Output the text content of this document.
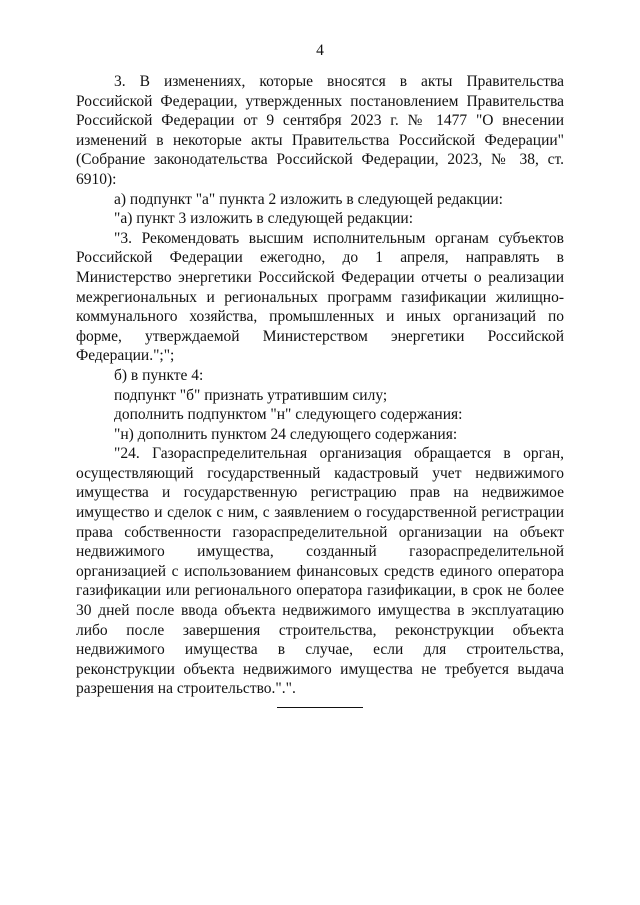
4

3. В изменениях, которые вносятся в акты Правительства Российской Федерации, утвержденных постановлением Правительства Российской Федерации от 9 сентября 2023 г. № 1477 "О внесении изменений в некоторые акты Правительства Российской Федерации" (Собрание законодательства Российской Федерации, 2023, № 38, ст. 6910):

а) подпункт "а" пункта 2 изложить в следующей редакции:

"а) пункт 3 изложить в следующей редакции:

"3. Рекомендовать высшим исполнительным органам субъектов Российской Федерации ежегодно, до 1 апреля, направлять в Министерство энергетики Российской Федерации отчеты о реализации межрегиональных и региональных программ газификации жилищно-коммунального хозяйства, промышленных и иных организаций по форме, утверждаемой Министерством энергетики Российской Федерации.";";

б) в пункте 4:

подпункт "б" признать утратившим силу;

дополнить подпунктом "н" следующего содержания:

"н) дополнить пунктом 24 следующего содержания:

"24. Газораспределительная организация обращается в орган, осуществляющий государственный кадастровый учет недвижимого имущества и государственную регистрацию прав на недвижимое имущество и сделок с ним, с заявлением о государственной регистрации права собственности газораспределительной организации на объект недвижимого имущества, созданный газораспределительной организацией с использованием финансовых средств единого оператора газификации или регионального оператора газификации, в срок не более 30 дней после ввода объекта недвижимого имущества в эксплуатацию либо после завершения строительства, реконструкции объекта недвижимого имущества в случае, если для строительства, реконструкции объекта недвижимого имущества не требуется выдача разрешения на строительство.".".
